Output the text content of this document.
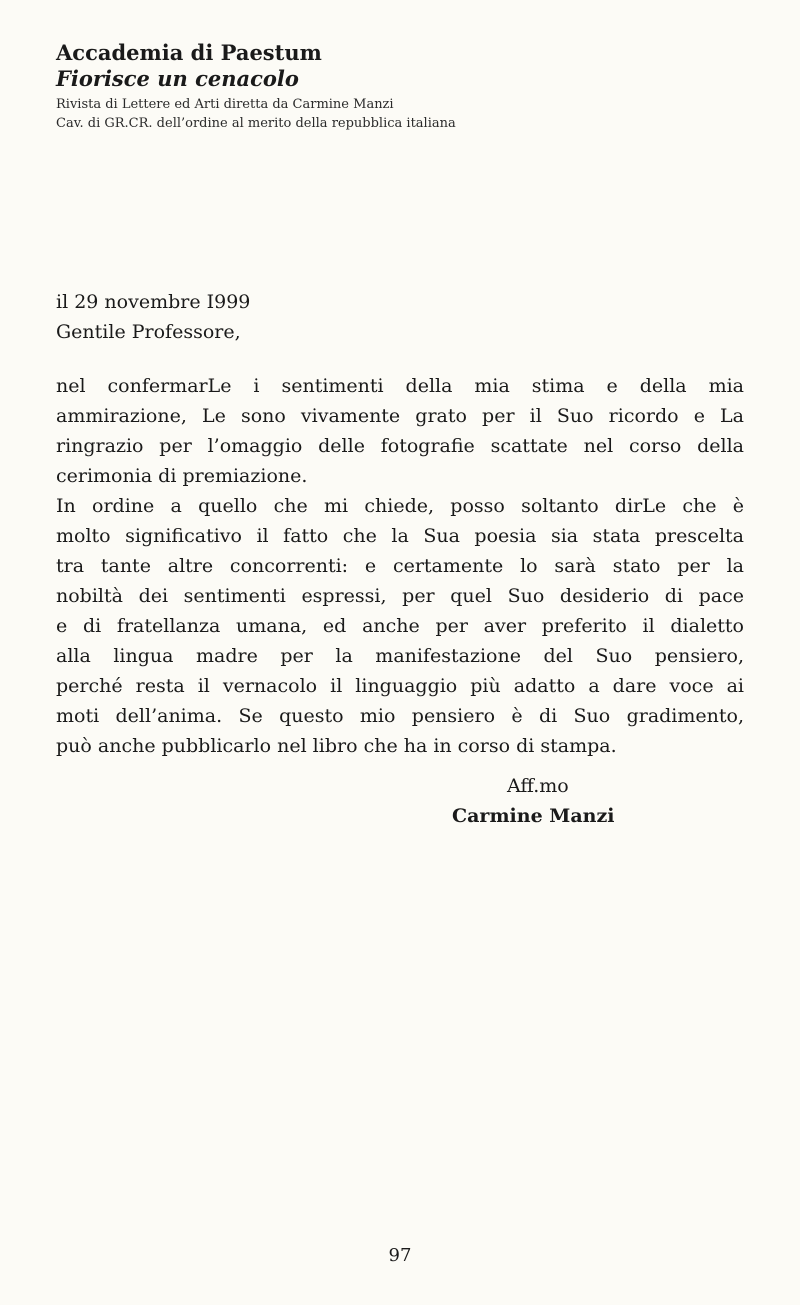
Accademia di Paestum

Fiorisce un cenacolo

Rivista di Lettere ed Arti diretta da Carmine Manzi

Cav. di GR.CR. dell’ordine al merito della repubblica italiana

il 29 novembre I999

Gentile Professore,

nel confermarLe i sentimenti della mia stima e della mia
ammirazione, Le sono vivamente grato per il Suo ricordo e La
ringrazio per l’omaggio delle fotografie scattate nel corso della
cerimonia di premiazione.
In ordine a quello che mi chiede, posso soltanto dirLe che è
molto significativo il fatto che la Sua poesia sia stata prescelta
tra tante altre concorrenti: e certamente lo sarà stato per la
nobiltà dei sentimenti espressi, per quel Suo desiderio di pace
e di fratellanza umana, ed anche per aver preferito il dialetto
alla lingua madre per la manifestazione del Suo pensiero,
perché resta il vernacolo il linguaggio più adatto a dare voce ai
moti dell’anima. Se questo mio pensiero è di Suo gradimento,
può anche pubblicarlo nel libro che ha in corso di stampa.

Aff.mo

Carmine Manzi

97
